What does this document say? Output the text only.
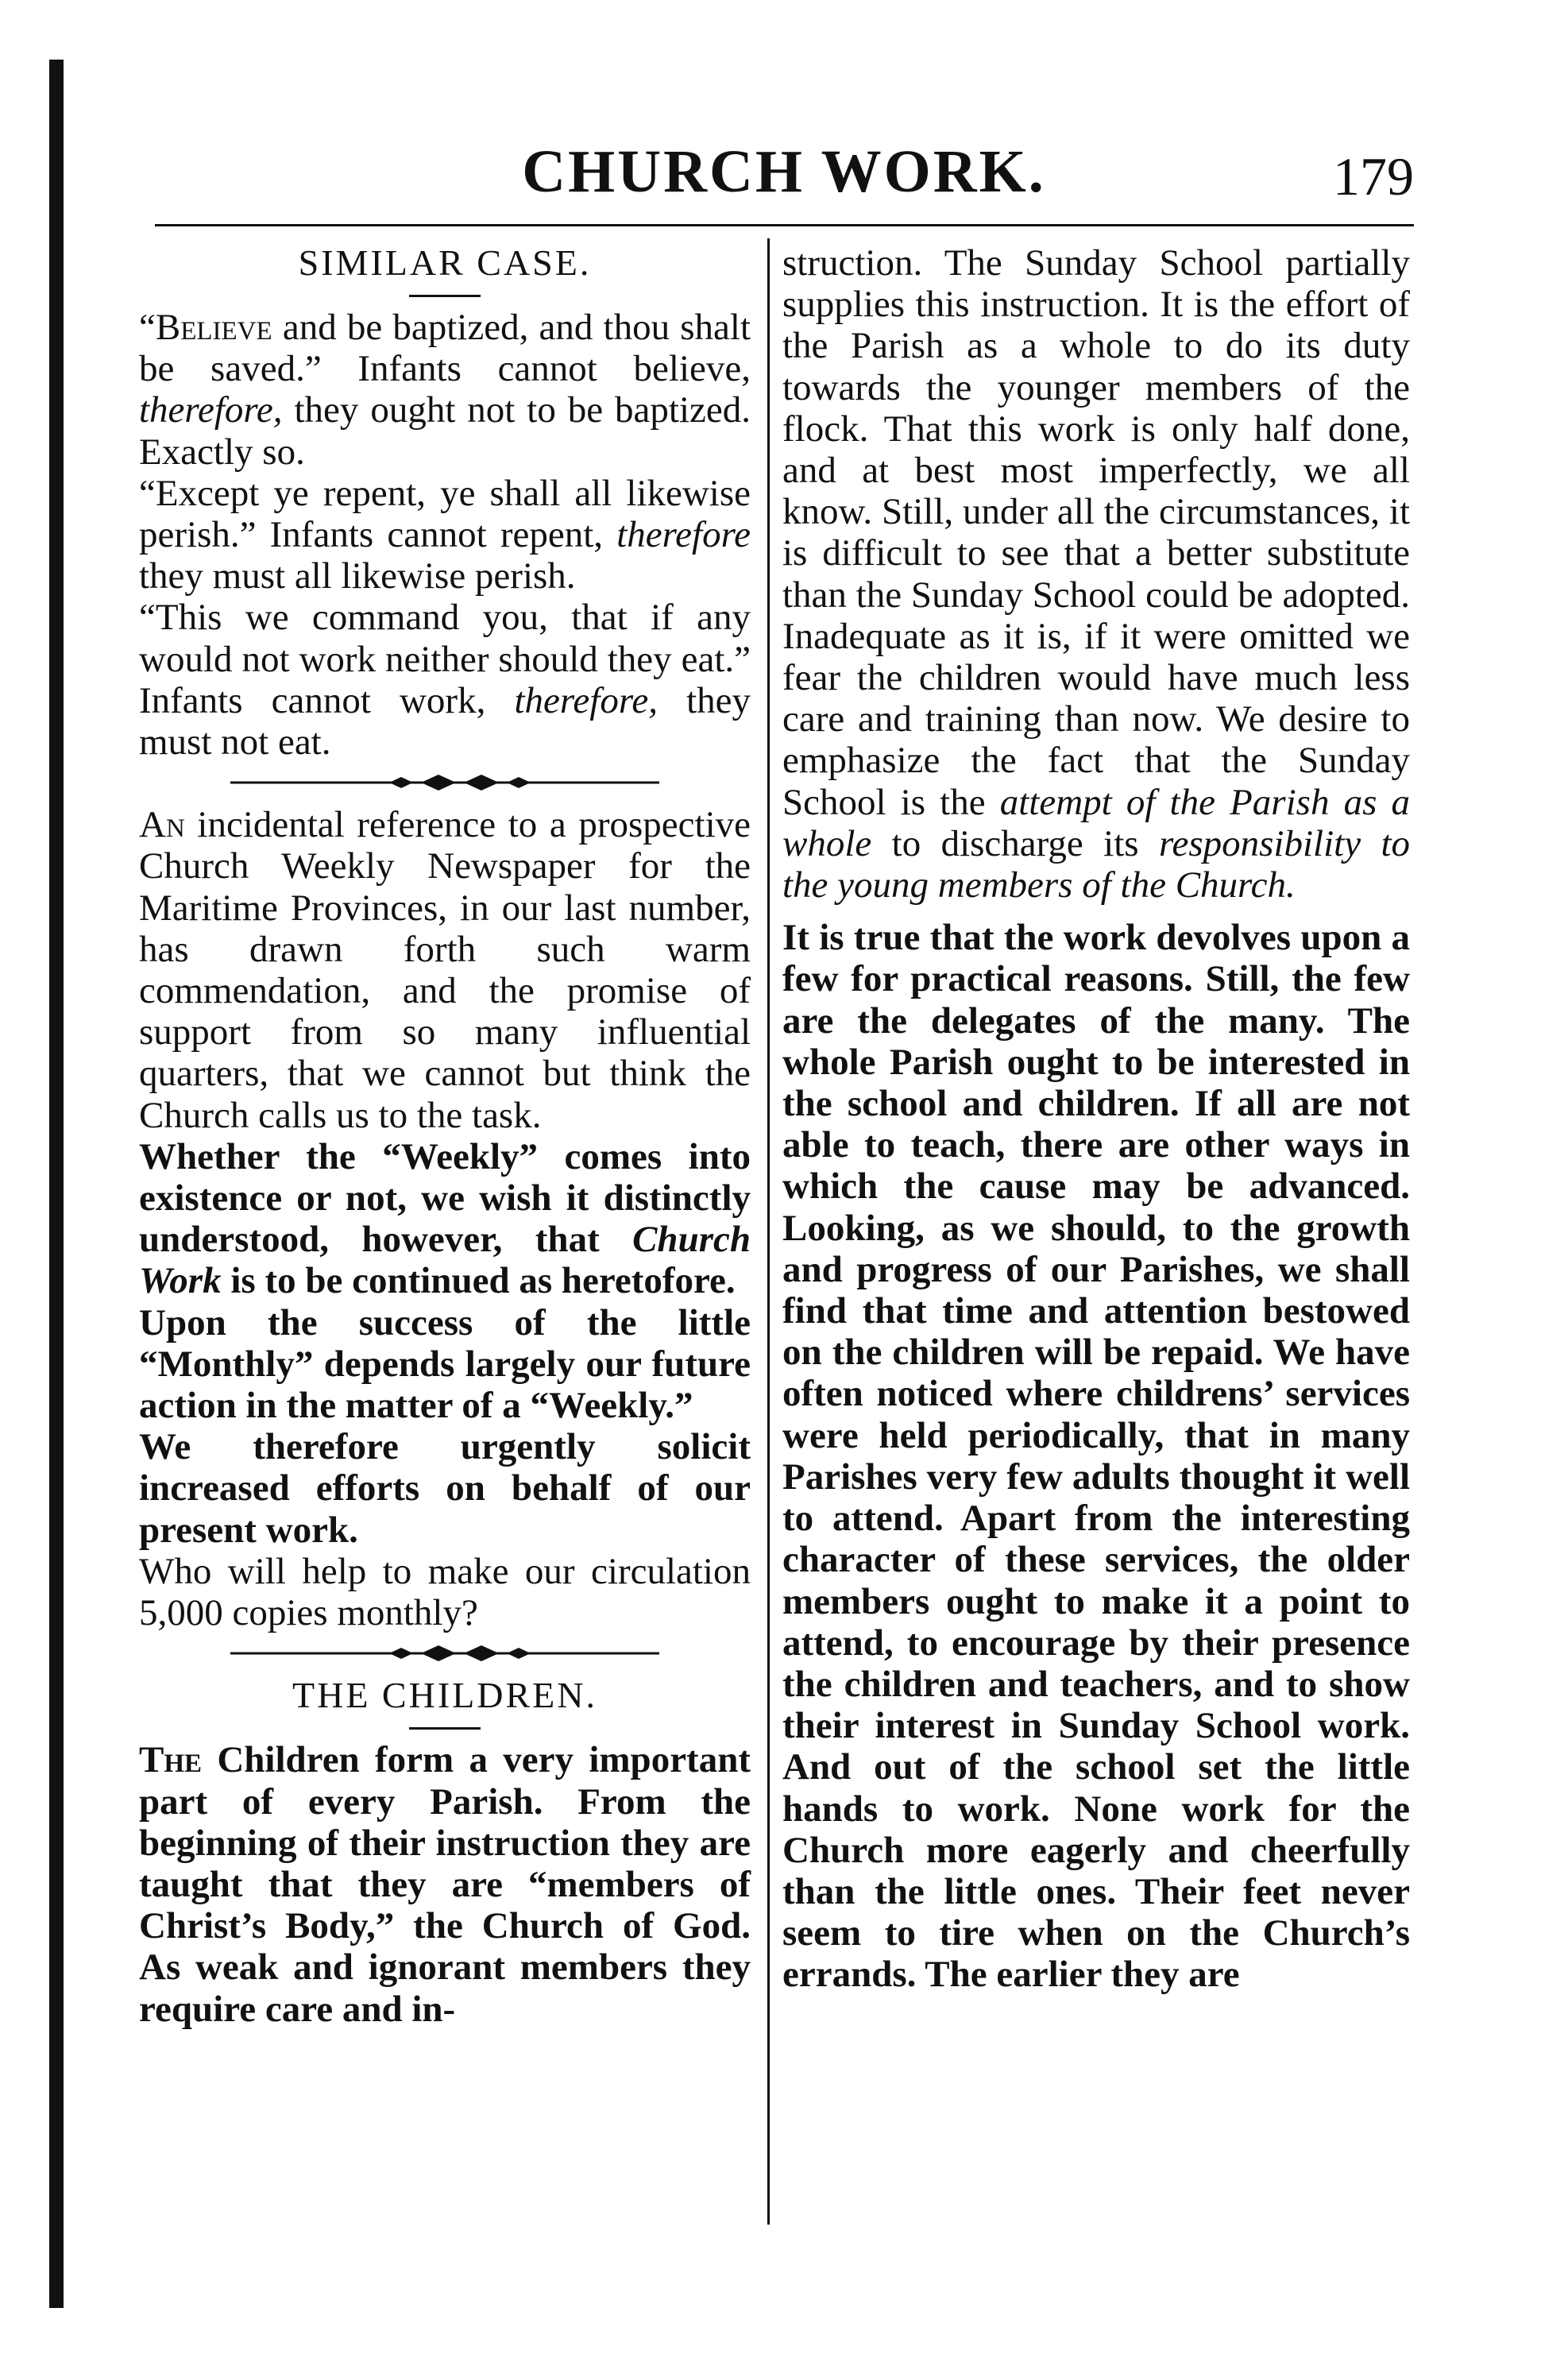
CHURCH WORK.	179
SIMILAR CASE.

“Believe and be baptized, and thou shalt be saved.” Infants cannot believe, therefore, they ought not to be baptized. Exactly so.

“Except ye repent, ye shall all likewise perish.” Infants cannot repent, therefore they must all likewise perish.

“This we command you, that if any would not work neither should they eat.” Infants cannot work, therefore, they must not eat.

An incidental reference to a prospective Church Weekly Newspaper for the Maritime Provinces, in our last number, has drawn forth such warm commendation, and the promise of support from so many influential quarters, that we cannot but think the Church calls us to the task.

Whether the “Weekly” comes into existence or not, we wish it distinctly understood, however, that Church Work is to be continued as heretofore.

Upon the success of the little “Monthly” depends largely our future action in the matter of a “Weekly.”

We therefore urgently solicit increased efforts on behalf of our present work.

Who will help to make our circulation 5,000 copies monthly?

THE CHILDREN.

The Children form a very important part of every Parish. From the beginning of their instruction they are taught that they are “members of Christ’s Body,” the Church of God. As weak and ignorant members they require care and in-

struction. The Sunday School partially supplies this instruction. It is the effort of the Parish as a whole to do its duty towards the younger members of the flock. That this work is only half done, and at best most imperfectly, we all know. Still, under all the circumstances, it is difficult to see that a better substitute than the Sunday School could be adopted. Inadequate as it is, if it were omitted we fear the children would have much less care and training than now. We desire to emphasize the fact that the Sunday School is the attempt of the Parish as a whole to discharge its responsibility to the young members of the Church.

It is true that the work devolves upon a few for practical reasons. Still, the few are the delegates of the many. The whole Parish ought to be interested in the school and children. If all are not able to teach, there are other ways in which the cause may be advanced. Looking, as we should, to the growth and progress of our Parishes, we shall find that time and attention bestowed on the children will be repaid. We have often noticed where childrens’ services were held periodically, that in many Parishes very few adults thought it well to attend. Apart from the interesting character of these services, the older members ought to make it a point to attend, to encourage by their presence the children and teachers, and to show their interest in Sunday School work. And out of the school set the little hands to work. None work for the Church more eagerly and cheerfully than the little ones. Their feet never seem to tire when on the Church’s errands. The earlier they are
